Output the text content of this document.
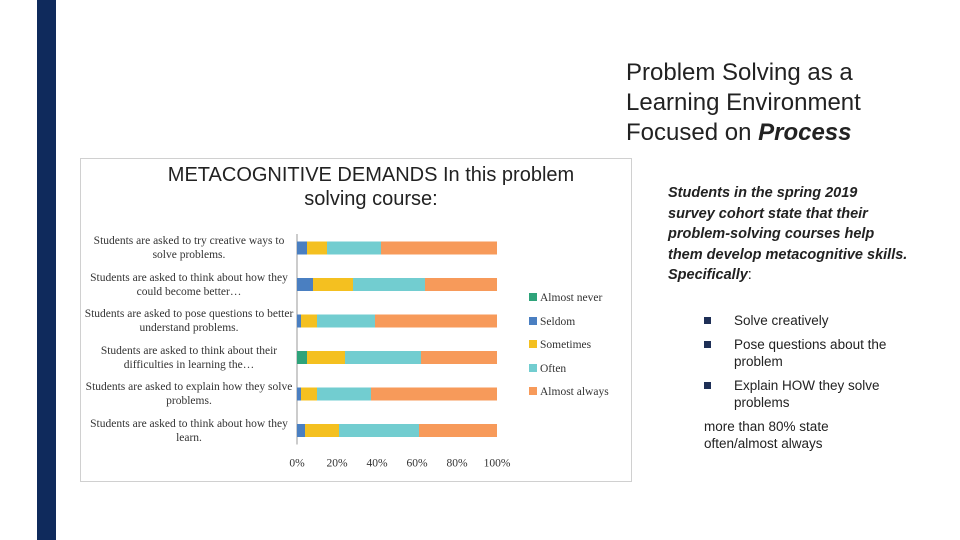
Problem Solving as a Learning Environment Focused on Process
METACOGNITIVE DEMANDS In this problem solving course:
Students are asked to try creative ways to solve problems.
Students are asked to think about how they could become better…
Students are asked to pose questions to better understand problems.
Students are asked to think about their difficulties in learning the…
Students are asked to explain how they solve problems.
Students are asked to think about how they learn.
0% 20% 40% 60% 80% 100%
Almost never
Seldom
Sometimes
Often
Almost always
Students in the spring 2019 survey cohort state that their problem-solving courses help them develop metacognitive skills. Specifically:
Solve creatively
Pose questions about the problem
Explain HOW they solve problems
more than 80% state often/almost always
